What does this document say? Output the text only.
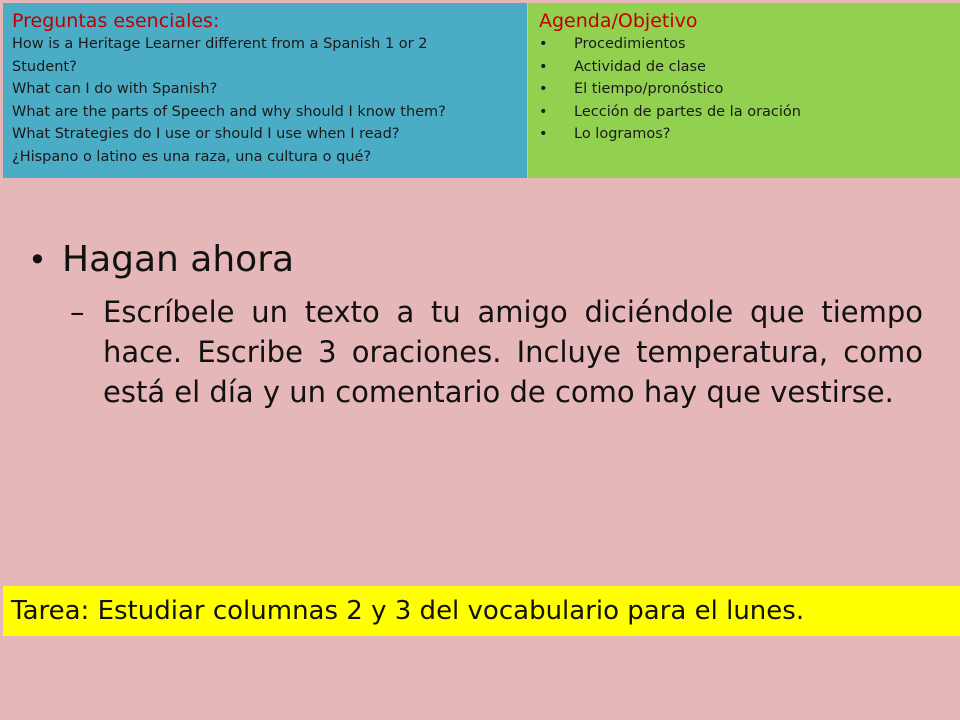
Preguntas esenciales:
How is a Heritage Learner different from a Spanish 1 or 2
Student?
What can I do with Spanish?
What are the parts of Speech and why should I know them?
What Strategies do I use or should I use when I read?
¿Hispano o latino es una raza, una cultura o qué?
Agenda/Objetivo
• Procedimientos
• Actividad de clase
• El tiempo/pronóstico
• Lección de partes de la oración
• Lo logramos?
• Hagan ahora
– Escríbele un texto a tu amigo diciéndole que tiempo hace. Escribe 3 oraciones. Incluye temperatura, como está el día y un comentario de como hay que vestirse.
Tarea: Estudiar columnas 2 y 3 del vocabulario para el lunes.
